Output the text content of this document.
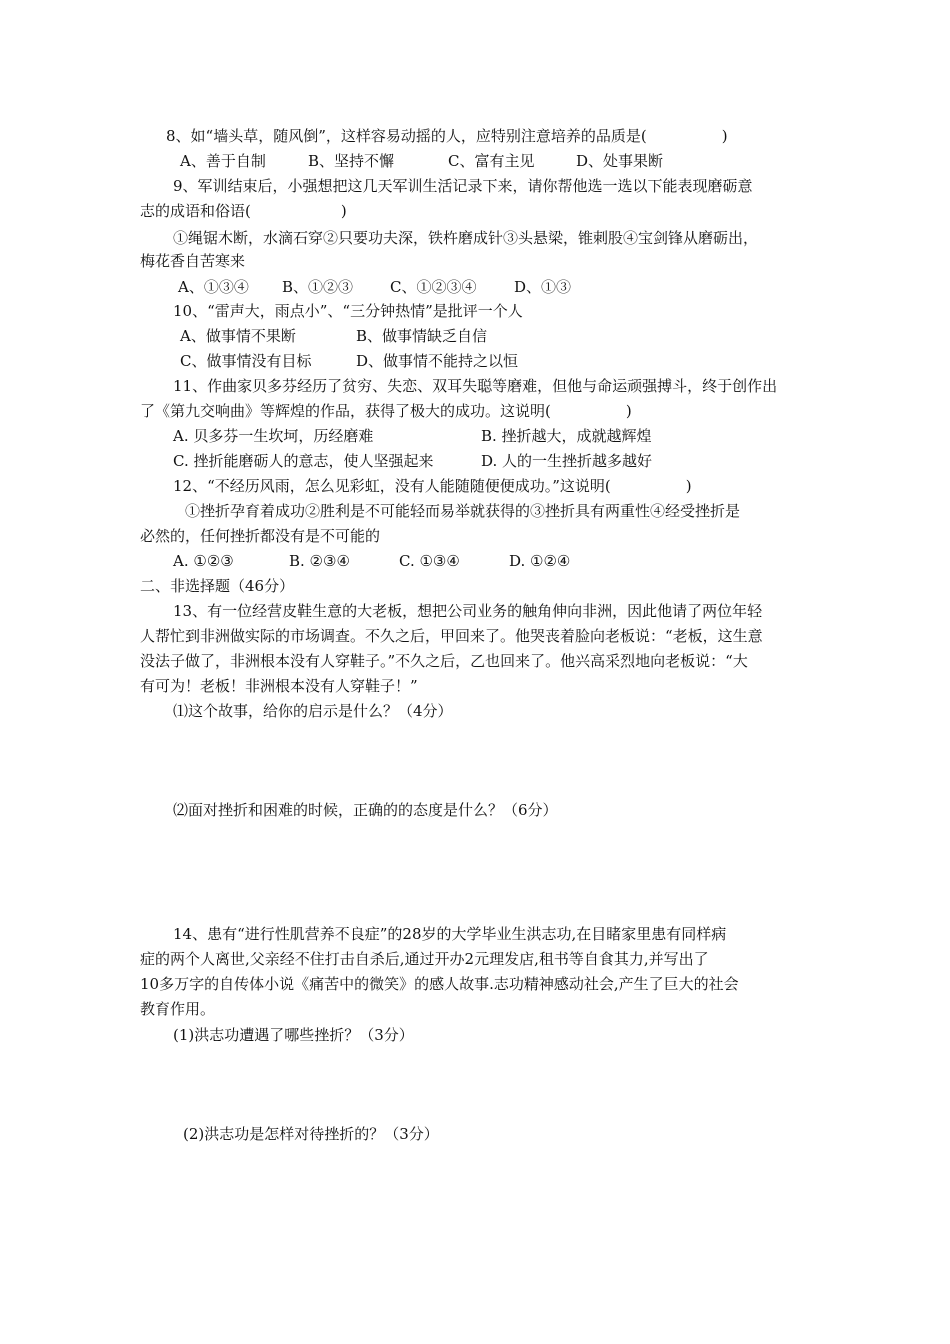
8、如“墙头草，随风倒”，这样容易动摇的人，应特别注意培养的品质是(　　　　　)
A、善于自制	B、坚持不懈	C、富有主见	D、处事果断
9、军训结束后，小强想把这几天军训生活记录下来，请你帮他选一选以下能表现磨砺意
志的成语和俗语(　　　　　　)
①绳锯木断，水滴石穿②只要功夫深，铁杵磨成针③头悬梁，锥刺股④宝剑锋从磨砺出，
梅花香自苦寒来
A、①③④ B、①②③ C、①②③④	D、①③
10、“雷声大，雨点小”、“三分钟热情”是批评一个人
A、做事情不果断	B、做事情缺乏自信
C、做事情没有目标	D、做事情不能持之以恒
11、作曲家贝多芬经历了贫穷、失恋、双耳失聪等磨难，但他与命运顽强搏斗，终于创作出
了《第九交响曲》等辉煌的作品，获得了极大的成功。这说明(　　　　　)
A. 贝多芬一生坎坷，历经磨难	B. 挫折越大，成就越辉煌
C. 挫折能磨砺人的意志，使人坚强起来	D. 人的一生挫折越多越好
12、“不经历风雨，怎么见彩虹，没有人能随随便便成功。”这说明(　　　　　)
①挫折孕育着成功②胜利是不可能轻而易举就获得的③挫折具有两重性④经受挫折是
必然的，任何挫折都没有是不可能的
A. ①②③	B. ②③④	C. ①③④	D. ①②④
二、非选择题（46分）
13、有一位经营皮鞋生意的大老板，想把公司业务的触角伸向非洲，因此他请了两位年轻
人帮忙到非洲做实际的市场调查。不久之后，甲回来了。他哭丧着脸向老板说：“老板，这生意
没法子做了，非洲根本没有人穿鞋子。”不久之后，乙也回来了。他兴高采烈地向老板说：“大
有可为！老板！非洲根本没有人穿鞋子！”
⑴这个故事，给你的启示是什么？（4分）
⑵面对挫折和困难的时候，正确的的态度是什么？（6分）
14、患有“进行性肌营养不良症”的28岁的大学毕业生洪志功,在目睹家里患有同样病
症的两个人离世,父亲经不住打击自杀后,通过开办2元理发店,租书等自食其力,并写出了
10多万字的自传体小说《痛苦中的微笑》的感人故事.志功精神感动社会,产生了巨大的社会
教育作用。
(1)洪志功遭遇了哪些挫折？（3分）
(2)洪志功是怎样对待挫折的？（3分）
